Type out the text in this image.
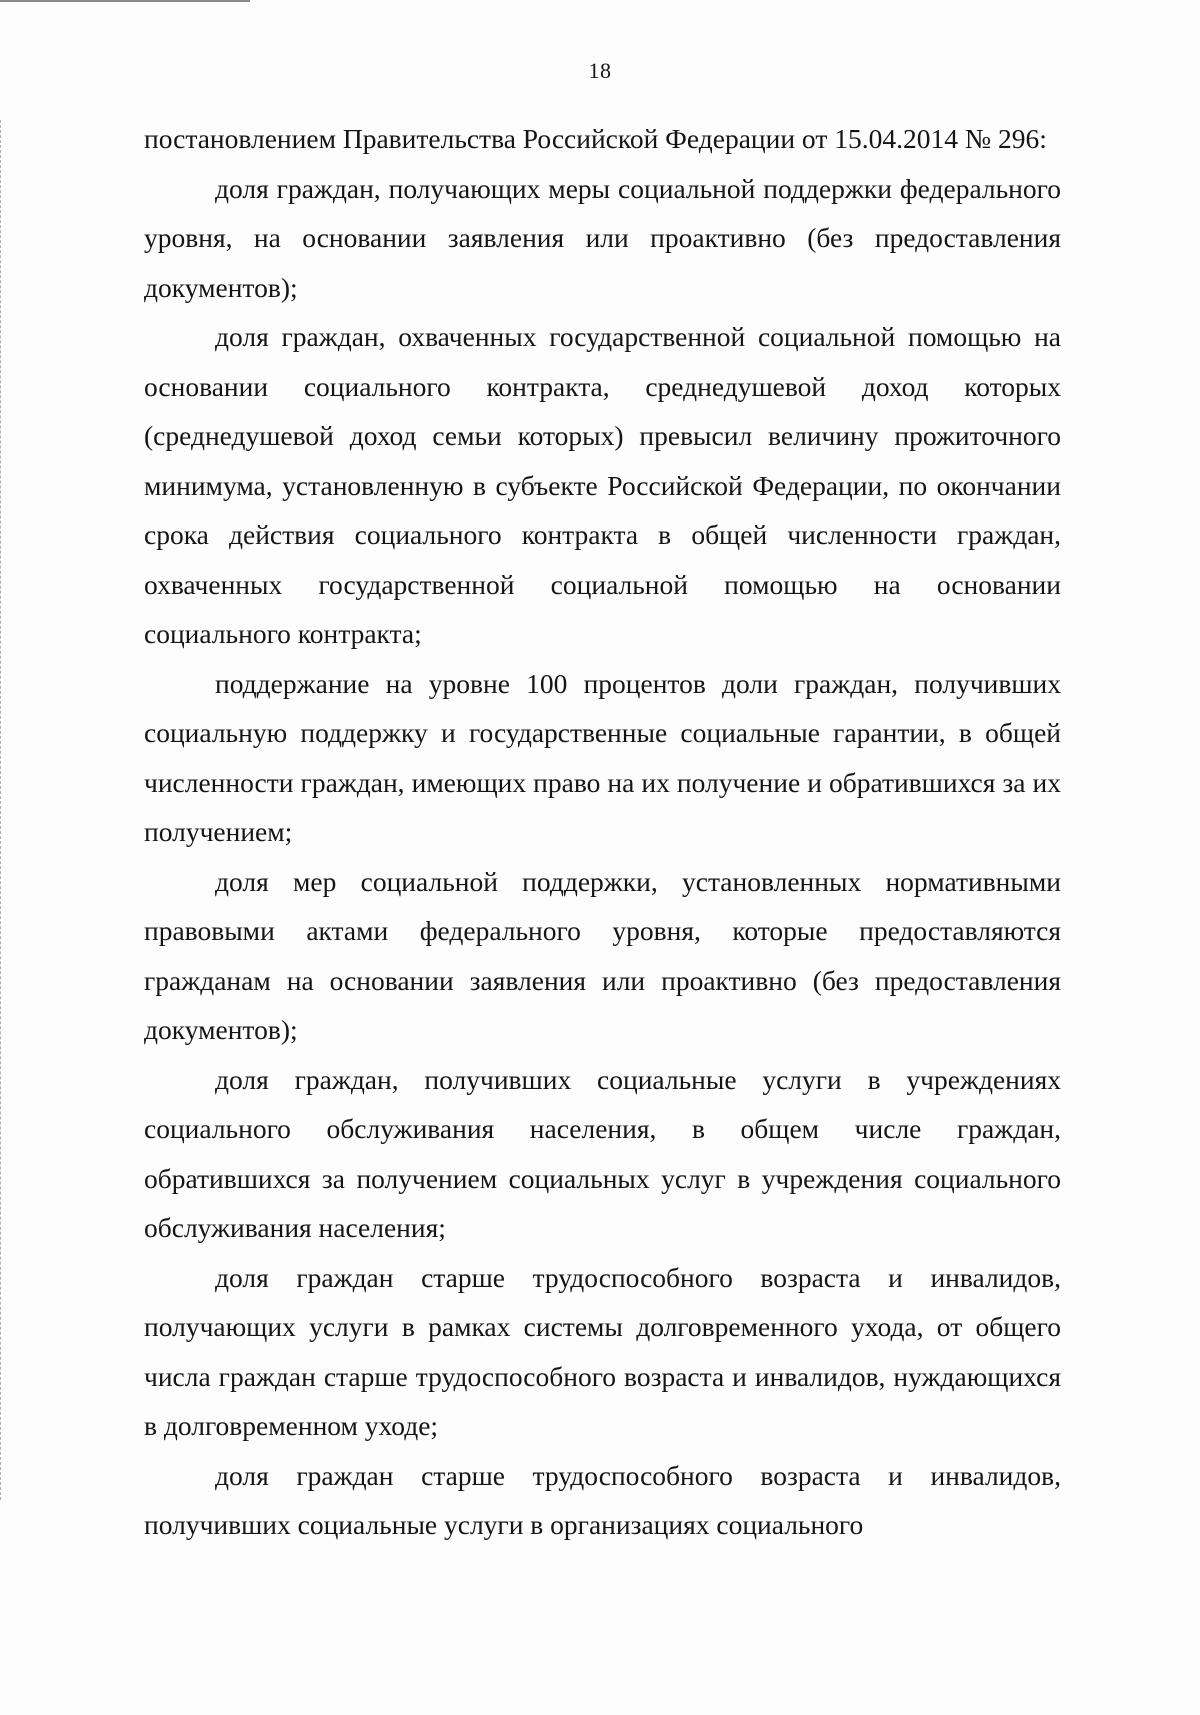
18

постановлением Правительства Российской Федерации от 15.04.2014 № 296:

доля граждан, получающих меры социальной поддержки федерального уровня, на основании заявления или проактивно (без предоставления документов);

доля граждан, охваченных государственной социальной помощью на основании социального контракта, среднедушевой доход которых (среднедушевой доход семьи которых) превысил величину прожиточного минимума, установленную в субъекте Российской Федерации, по окончании срока действия социального контракта в общей численности граждан, охваченных государственной социальной помощью на основании социального контракта;

поддержание на уровне 100 процентов доли граждан, получивших социальную поддержку и государственные социальные гарантии, в общей численности граждан, имеющих право на их получение и обратившихся за их получением;

доля мер социальной поддержки, установленных нормативными правовыми актами федерального уровня, которые предоставляются гражданам на основании заявления или проактивно (без предоставления документов);

доля граждан, получивших социальные услуги в учреждениях социального обслуживания населения, в общем числе граждан, обратившихся за получением социальных услуг в учреждения социального обслуживания населения;

доля граждан старше трудоспособного возраста и инвалидов, получающих услуги в рамках системы долговременного ухода, от общего числа граждан старше трудоспособного возраста и инвалидов, нуждающихся в долговременном уходе;

доля граждан старше трудоспособного возраста и инвалидов, получивших социальные услуги в организациях социального
